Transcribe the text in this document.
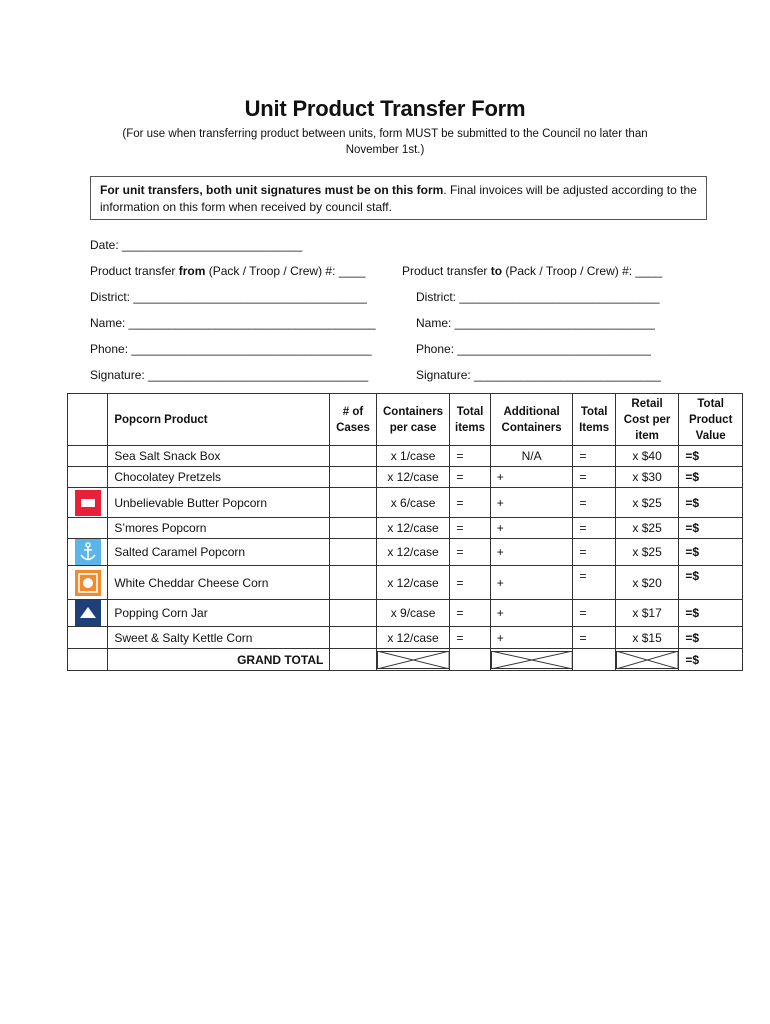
Unit Product Transfer Form
(For use when transferring product between units, form MUST be submitted to the Council no later than November 1st.)
For unit transfers, both unit signatures must be on this form. Final invoices will be adjusted according to the information on this form when received by council staff.
Date: ___________________________
Product transfer from (Pack / Troop / Crew) #: ____	Product transfer to (Pack / Troop / Crew) #: ____
District: ___________________________________	District: ______________________________
Name: _____________________________________	Name: ______________________________
Phone: ____________________________________	Phone: _____________________________
Signature: _________________________________	Signature: ____________________________
	Popcorn Product	# of Cases	Containers per case	Total items	Additional Containers	Total Items	Retail Cost per item	Total Product Value
	Sea Salt Snack Box		x 1/case	=	N/A	=	x $40	=$
	Chocolatey Pretzels		x 12/case	=	+	=	x $30	=$
	Unbelievable Butter Popcorn		x 6/case	=	+	=	x $25	=$
	S’mores Popcorn		x 12/case	=	+	=	x $25	=$
	Salted Caramel Popcorn		x 12/case	=	+	=	x $25	=$
	White Cheddar Cheese Corn		x 12/case	=	+	=	x $20	=$
	Popping Corn Jar		x 9/case	=	+	=	x $17	=$
	Sweet & Salty Kettle Corn		x 12/case	=	+	=	x $15	=$
	GRAND TOTAL							=$
